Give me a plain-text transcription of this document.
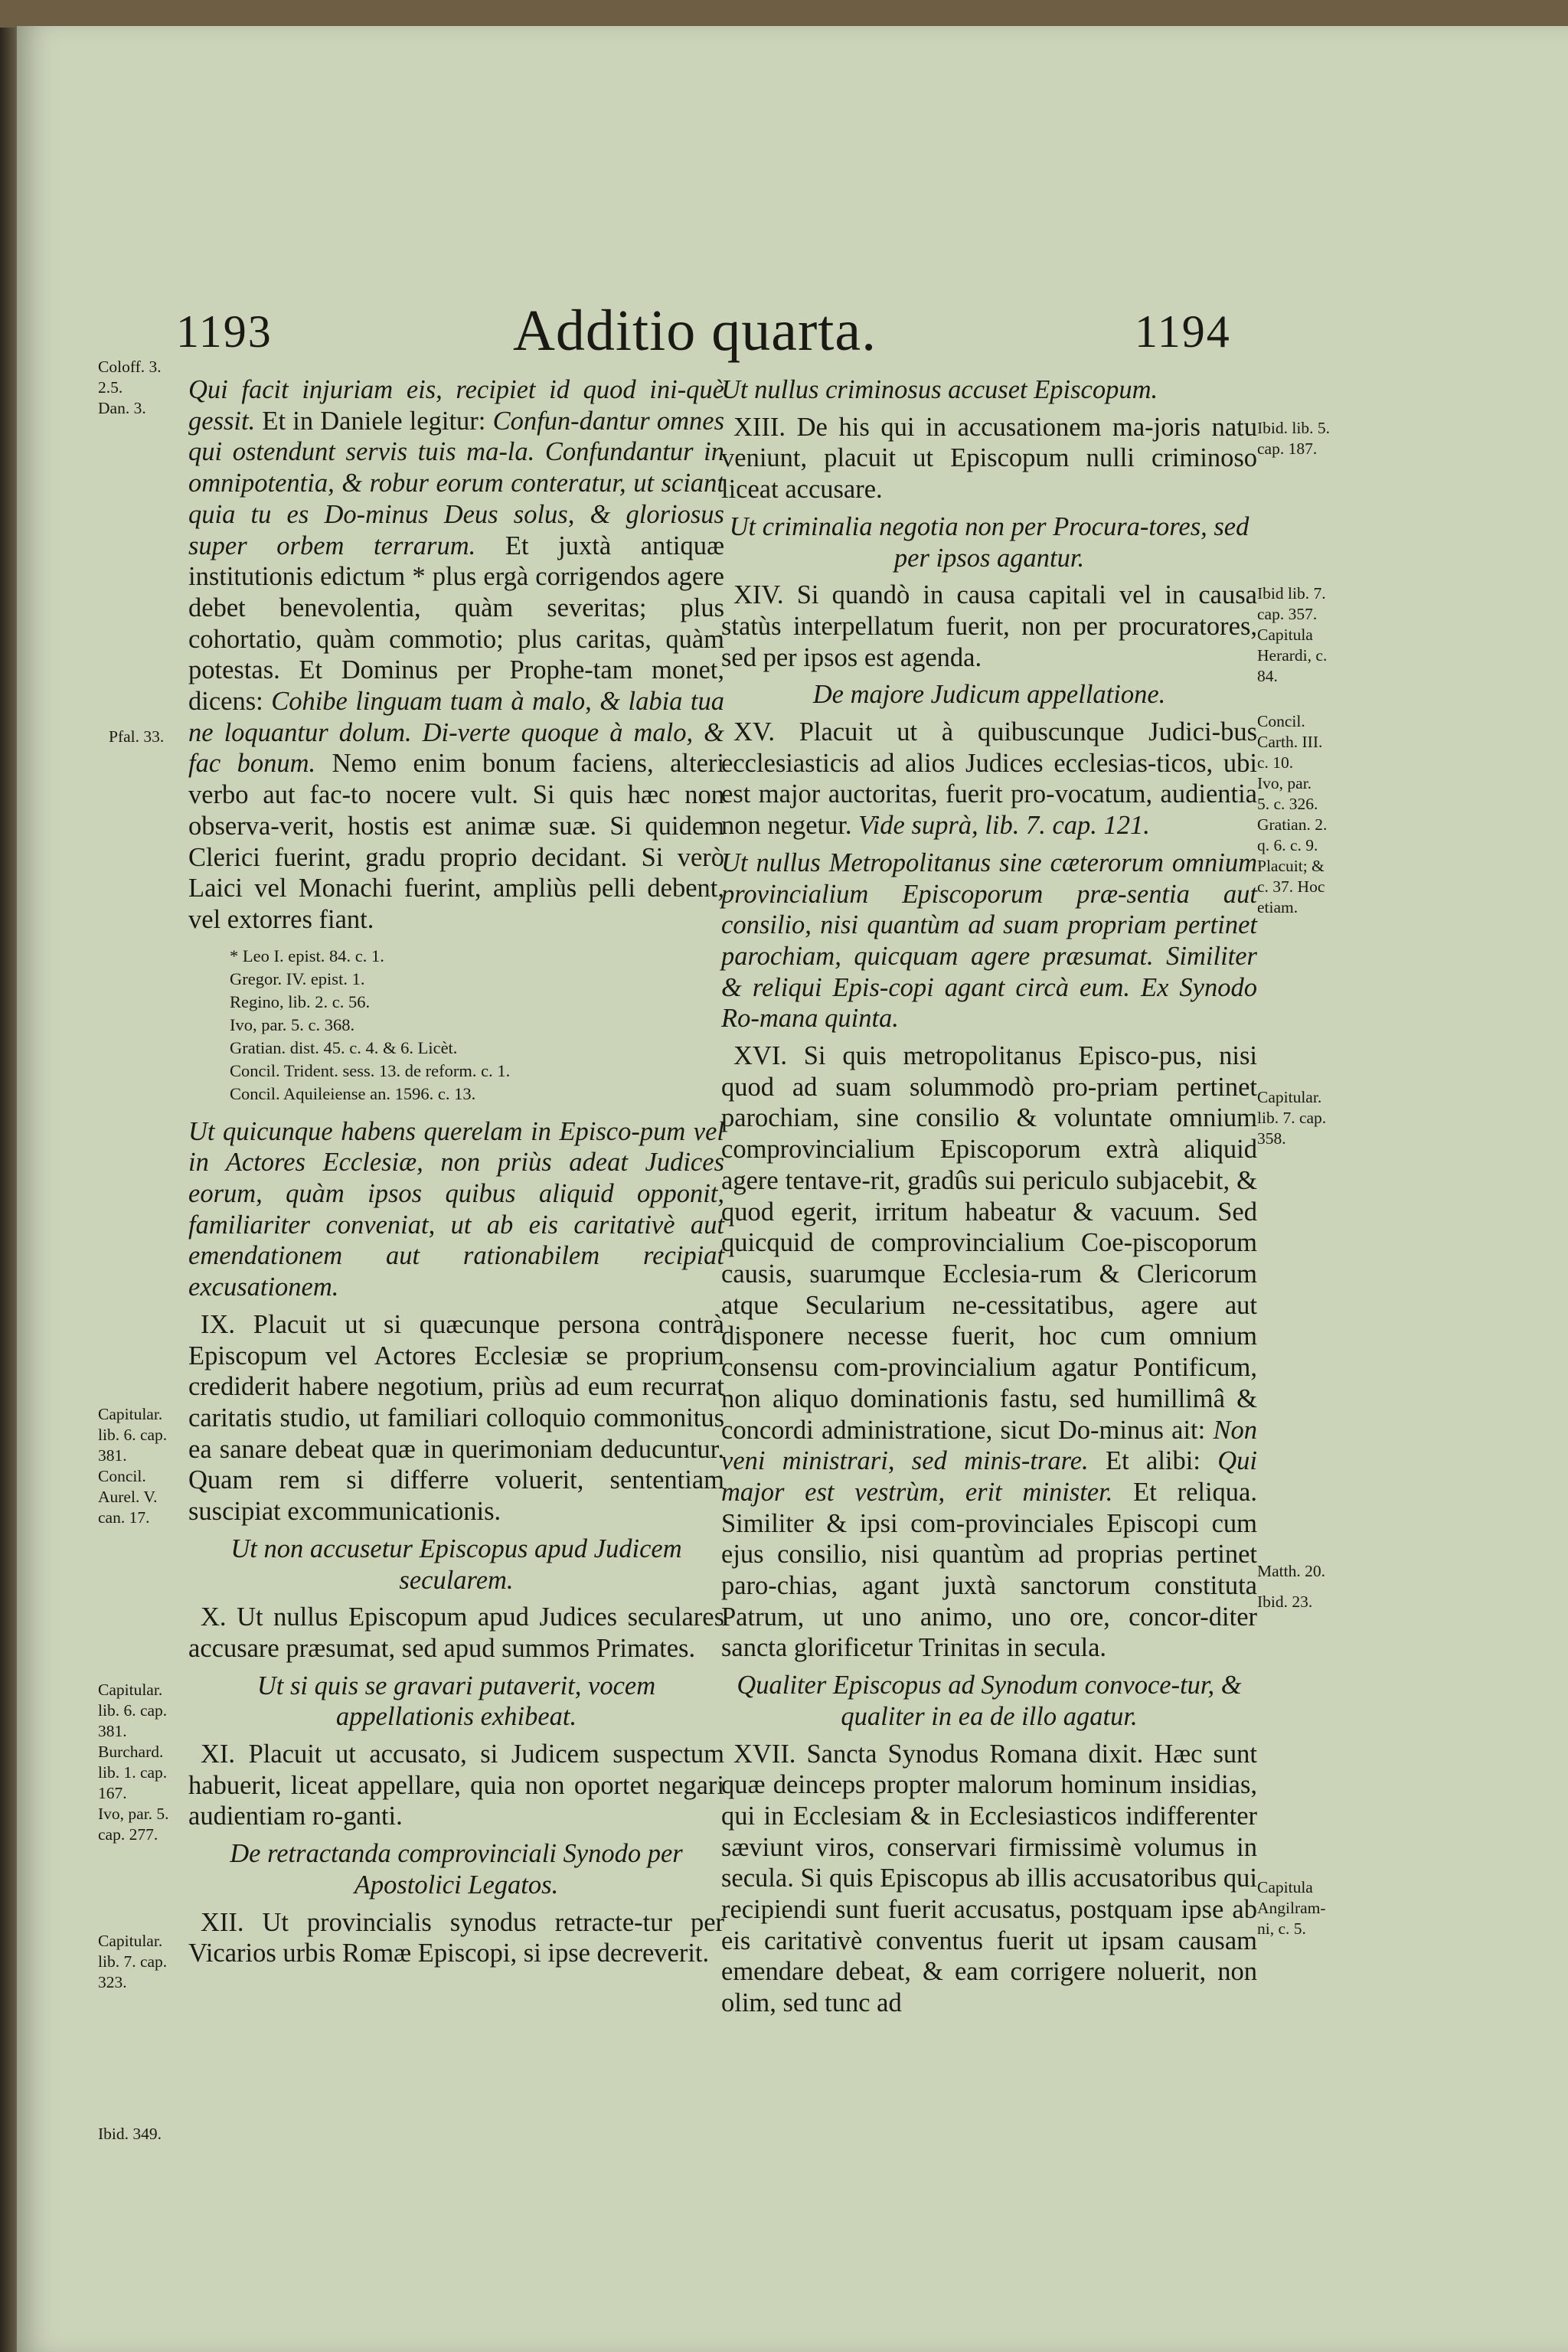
1193	Additio quarta.	1194
Coloff. 3.
2.5.
Dan. 3.
Pfal. 33.
Capitular.
lib. 6. cap.
381.
Concil.
Aurel. V.
can. 17.
Capitular.
lib. 6. cap.
381.
Burchard.
lib. 1. cap.
167.
Ivo, par. 5.
cap. 277.
Capitular.
lib. 7. cap.
323.
Ibid. 349.
Ibid. lib. 5.
cap. 187.
Ibid lib. 7.
cap. 357.
Capitula
Herardi, c.
84.
Concil.
Carth. III.
c. 10.
Ivo, par.
5. c. 326.
Gratian. 2.
q. 6. c. 9.
Placuit; &
c. 37. Hoc
etiam.
Capitular.
lib. 7. cap.
358.
Matth. 20.
Ibid. 23.
Capitula
Angilram-
ni, c. 5.

Qui facit injuriam eis, recipiet id quod ini-què gessit. Et in Daniele legitur: Confun-dantur omnes qui ostendunt servis tuis ma-la. Confundantur in omnipotentia, & robur eorum conteratur, ut sciant quia tu es Do-minus Deus solus, & gloriosus super orbem terrarum. Et juxtà antiquæ institutionis edictum * plus ergà corrigendos agere debet benevolentia, quàm severitas; plus cohortatio, quàm commotio; plus caritas, quàm potestas. Et Dominus per Prophe-tam monet, dicens: Cohibe linguam tuam à malo, & labia tua ne loquantur dolum. Di-verte quoque à malo, & fac bonum. Nemo enim bonum faciens, alteri verbo aut fac-to nocere vult. Si quis hæc non observa-verit, hostis est animæ suæ. Si quidem Clerici fuerint, gradu proprio decidant. Si verò Laici vel Monachi fuerint, ampliùs pelli debent, vel extorres fiant.

* Leo I. epist. 84. c. 1.
Gregor. IV. epist. 1.
Regino, lib. 2. c. 56.
Ivo, par. 5. c. 368.
Gratian. dist. 45. c. 4. & 6. Licèt.
Concil. Trident. sess. 13. de reform. c. 1.
Concil. Aquileiense an. 1596. c. 13.

Ut quicunque habens querelam in Episco-pum vel in Actores Ecclesiæ, non priùs adeat Judices eorum, quàm ipsos quibus aliquid opponit, familiariter conveniat, ut ab eis caritativè aut emendationem aut rationabilem recipiat excusationem.

IX. Placuit ut si quæcunque persona contrà Episcopum vel Actores Ecclesiæ se proprium crediderit habere negotium, priùs ad eum recurrat caritatis studio, ut familiari colloquio commonitus ea sanare debeat quæ in querimoniam deducuntur. Quam rem si differre voluerit, sententiam suscipiat excommunicationis.

Ut non accusetur Episcopus apud Judicem secularem.

X. Ut nullus Episcopum apud Judices seculares accusare præsumat, sed apud summos Primates.

Ut si quis se gravari putaverit, vocem appellationis exhibeat.

XI. Placuit ut accusato, si Judicem suspectum habuerit, liceat appellare, quia non oportet negari audientiam ro-ganti.

De retractanda comprovinciali Synodo per Apostolici Legatos.

XII. Ut provincialis synodus retracte-tur per Vicarios urbis Romæ Episcopi, si ipse decreverit.

Ut nullus criminosus accuset Episcopum.

XIII. De his qui in accusationem ma-joris natu veniunt, placuit ut Episcopum nulli criminoso liceat accusare.

Ut criminalia negotia non per Procura-tores, sed per ipsos agantur.

XIV. Si quandò in causa capitali vel in causa statùs interpellatum fuerit, non per procuratores, sed per ipsos est agenda.

De majore Judicum appellatione.

XV. Placuit ut à quibuscunque Judici-bus ecclesiasticis ad alios Judices ecclesias-ticos, ubi est major auctoritas, fuerit pro-vocatum, audientia non negetur. Vide suprà, lib. 7. cap. 121.

Ut nullus Metropolitanus sine cæterorum omnium provincialium Episcoporum præ-sentia aut consilio, nisi quantùm ad suam propriam pertinet parochiam, quicquam agere præsumat. Similiter & reliqui Epis-copi agant circà eum. Ex Synodo Ro-mana quinta.

XVI. Si quis metropolitanus Episco-pus, nisi quod ad suam solummodò pro-priam pertinet parochiam, sine consilio & voluntate omnium comprovincialium Episcoporum extrà aliquid agere tentave-rit, gradûs sui periculo subjacebit, & quod egerit, irritum habeatur & vacuum. Sed quicquid de comprovincialium Coe-piscoporum causis, suarumque Ecclesia-rum & Clericorum atque Secularium ne-cessitatibus, agere aut disponere necesse fuerit, hoc cum omnium consensu com-provincialium agatur Pontificum, non aliquo dominationis fastu, sed humillimâ & concordi administratione, sicut Do-minus ait: Non veni ministrari, sed minis-trare. Et alibi: Qui major est vestrùm, erit minister. Et reliqua. Similiter & ipsi com-provinciales Episcopi cum ejus consilio, nisi quantùm ad proprias pertinet paro-chias, agant juxtà sanctorum constituta Patrum, ut uno animo, uno ore, concor-diter sancta glorificetur Trinitas in secula.

Qualiter Episcopus ad Synodum convoce-tur, & qualiter in ea de illo agatur.

XVII. Sancta Synodus Romana dixit. Hæc sunt quæ deinceps propter malorum hominum insidias, qui in Ecclesiam & in Ecclesiasticos indifferenter sæviunt viros, conservari firmissimè volumus in secula. Si quis Episcopus ab illis accusatoribus qui recipiendi sunt fuerit accusatus, postquam ipse ab eis caritativè conventus fuerit ut ipsam causam emendare debeat, & eam corrigere noluerit, non olim, sed tunc ad
